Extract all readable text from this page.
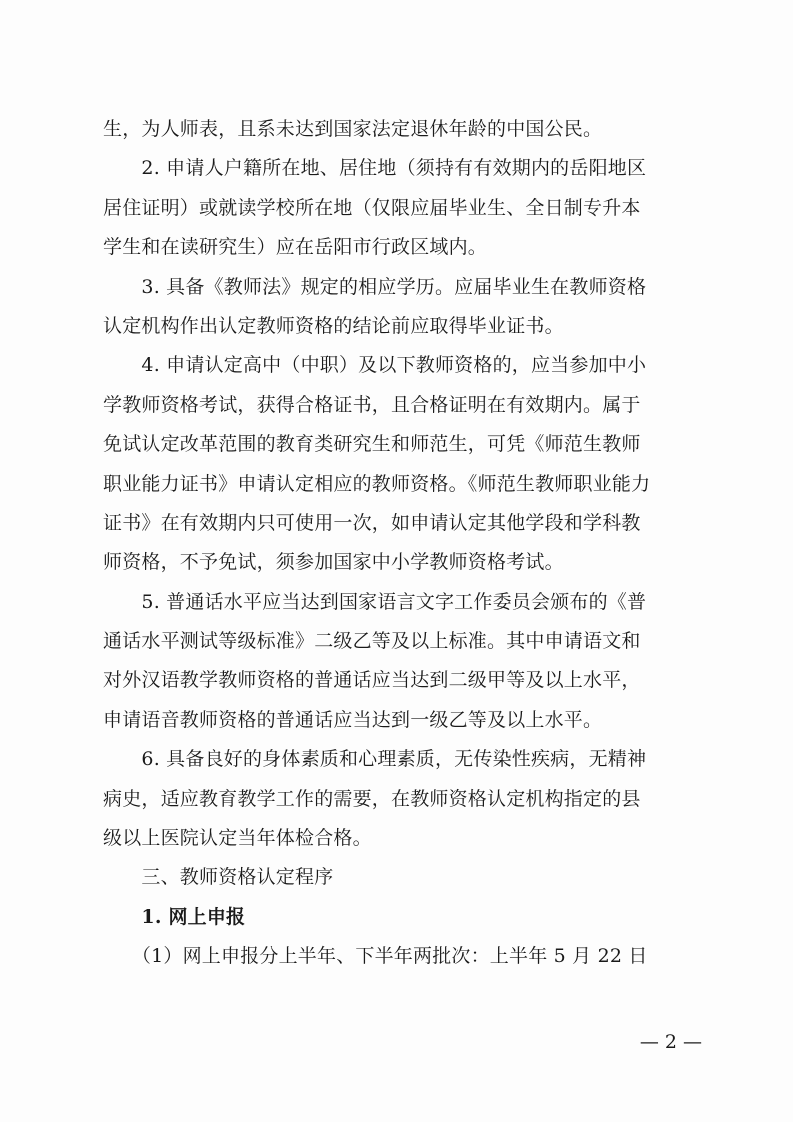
生，为人师表，且系未达到国家法定退休年龄的中国公民。
　　2. 申请人户籍所在地、居住地（须持有有效期内的岳阳地区
居住证明）或就读学校所在地（仅限应届毕业生、全日制专升本
学生和在读研究生）应在岳阳市行政区域内。
　　3. 具备《教师法》规定的相应学历。应届毕业生在教师资格
认定机构作出认定教师资格的结论前应取得毕业证书。
　　4. 申请认定高中（中职）及以下教师资格的，应当参加中小
学教师资格考试，获得合格证书，且合格证明在有效期内。属于
免试认定改革范围的教育类研究生和师范生，可凭《师范生教师
职业能力证书》申请认定相应的教师资格。《师范生教师职业能力
证书》在有效期内只可使用一次，如申请认定其他学段和学科教
师资格，不予免试，须参加国家中小学教师资格考试。
　　5. 普通话水平应当达到国家语言文字工作委员会颁布的《普
通话水平测试等级标准》二级乙等及以上标准。其中申请语文和
对外汉语教学教师资格的普通话应当达到二级甲等及以上水平，
申请语音教师资格的普通话应当达到一级乙等及以上水平。
　　6. 具备良好的身体素质和心理素质，无传染性疾病，无精神
病史，适应教育教学工作的需要，在教师资格认定机构指定的县
级以上医院认定当年体检合格。
　　三、教师资格认定程序
　　1. 网上申报
　　（1）网上申报分上半年、下半年两批次：上半年 5 月 22 日
— 2 —
